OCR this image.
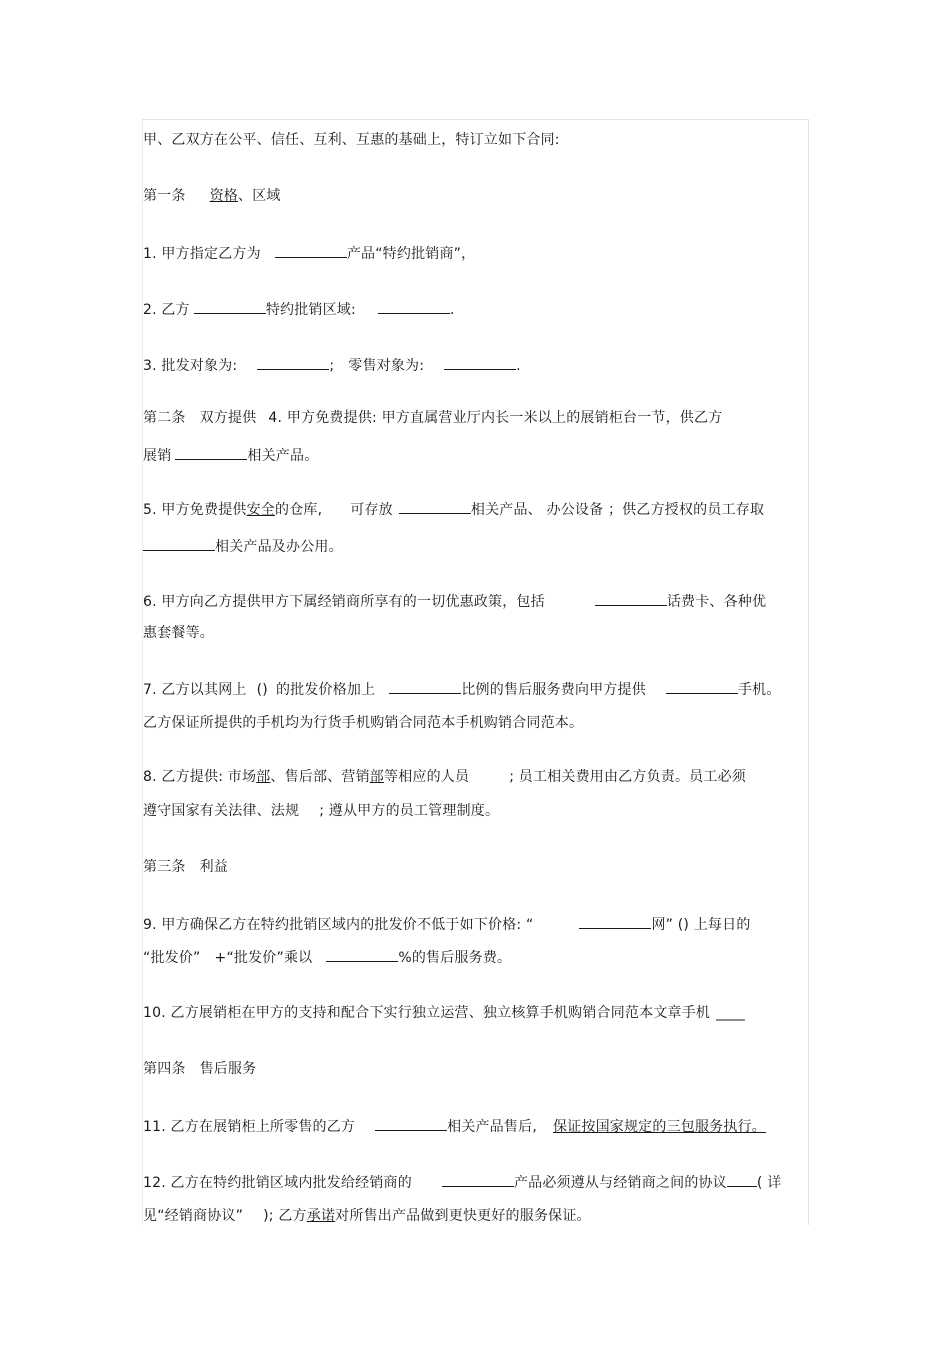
甲、乙双方在公平、信任、互利、互惠的基础上，特订立如下合同:
第一条 资格、区域
1. 甲方指定乙方为	产品“特约批销商”，
2. 乙方	特约批销区域:	.
3. 批发对象为:	; 零售对象为:	.
第二条 双方提供 4. 甲方免费提供: 甲方直属营业厅内长一米以上的展销柜台一节，供乙方
展销	相关产品。
5. 甲方免费提供安全的仓库, 可存放	相关产品、 办公设备 ；供乙方授权的员工存取
相关产品及办公用。
6. 甲方向乙方提供甲方下属经销商所享有的一切优惠政策，包括	话费卡、各种优
惠套餐等。
7. 乙方以其网上 () 的批发价格加上	比例的售后服务费向甲方提供	手机。
乙方保证所提供的手机均为行货手机购销合同范本手机购销合同范本。
8. 乙方提供: 市场部、售后部、营销部等相应的人员	; 员工相关费用由乙方负责。员工必须
遵守国家有关法律、法规 ; 遵从甲方的员工管理制度。
第三条 利益
9. 甲方确保乙方在特约批销区域内的批发价不低于如下价格: “	网” () 上每日的
“批发价” +“批发价”乘以	%的售后服务费。
10. 乙方展销柜在甲方的支持和配合下实行独立运营、独立核算手机购销合同范本文章手机 ____
第四条 售后服务
11. 乙方在展销柜上所零售的乙方	相关产品售后, 保证按国家规定的三包服务执行。
12. 乙方在特约批销区域内批发给经销商的	产品必须遵从与经销商之间的协议 ( 详
见“经销商协议” ); 乙方承诺对所售出产品做到更快更好的服务保证。
